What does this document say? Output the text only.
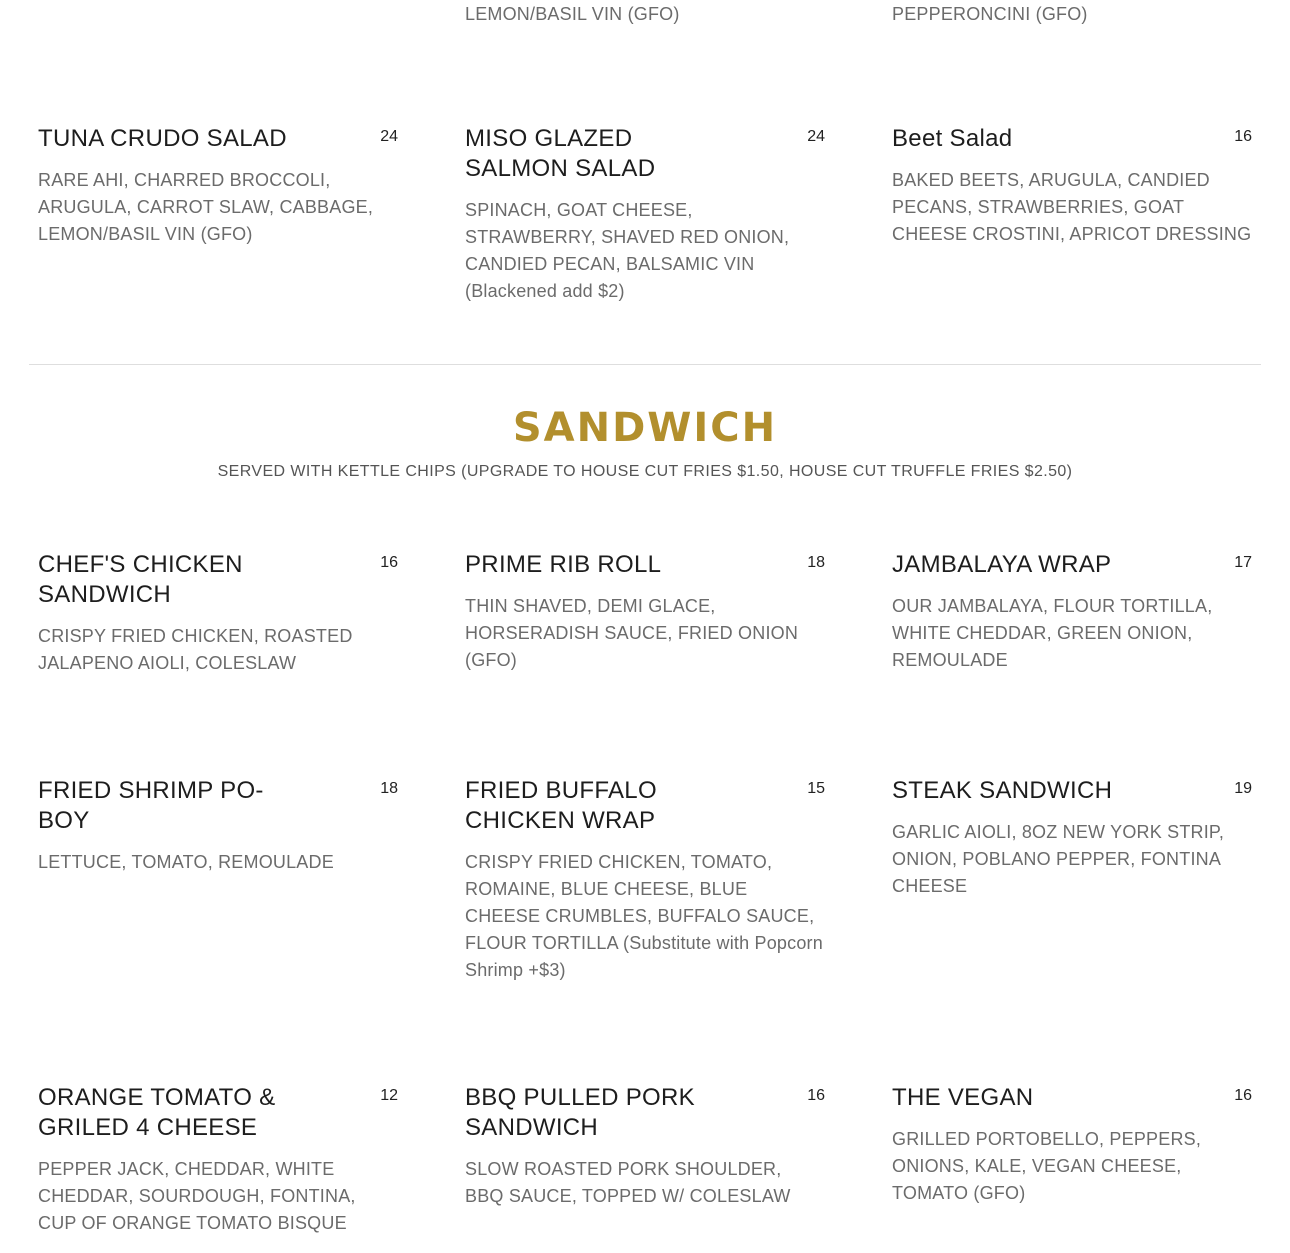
LEMON/BASIL VIN (GFO)	PEPPERONCINI (GFO)
TUNA CRUDO SALAD	24

RARE AHI, CHARRED BROCCOLI, ARUGULA, CARROT SLAW, CABBAGE, LEMON/BASIL VIN (GFO)

MISO GLAZED SALMON SALAD
24

SPINACH, GOAT CHEESE, STRAWBERRY, SHAVED RED ONION, CANDIED PECAN, BALSAMIC VIN (Blackened add $2)

Beet Salad	16

BAKED BEETS, ARUGULA, CANDIED PECANS, STRAWBERRIES, GOAT CHEESE CROSTINI, APRICOT DRESSING

SANDWICH

SERVED WITH KETTLE CHIPS (UPGRADE TO HOUSE CUT FRIES $1.50, HOUSE CUT TRUFFLE FRIES $2.50)

CHEF'S CHICKEN SANDWICH
16

CRISPY FRIED CHICKEN, ROASTED JALAPENO AIOLI, COLESLAW

PRIME RIB ROLL	18

THIN SHAVED, DEMI GLACE, HORSERADISH SAUCE, FRIED ONION (GFO)

JAMBALAYA WRAP	17

OUR JAMBALAYA, FLOUR TORTILLA, WHITE CHEDDAR, GREEN ONION, REMOULADE

FRIED SHRIMP PO-BOY
18

LETTUCE, TOMATO, REMOULADE

FRIED BUFFALO CHICKEN WRAP
15

CRISPY FRIED CHICKEN, TOMATO, ROMAINE, BLUE CHEESE, BLUE CHEESE CRUMBLES, BUFFALO SAUCE, FLOUR TORTILLA (Substitute with Popcorn Shrimp +$3)

STEAK SANDWICH	19

GARLIC AIOLI, 8OZ NEW YORK STRIP, ONION, POBLANO PEPPER, FONTINA CHEESE

ORANGE TOMATO & GRILED 4 CHEESE
12

PEPPER JACK, CHEDDAR, WHITE CHEDDAR, SOURDOUGH, FONTINA, CUP OF ORANGE TOMATO BISQUE

BBQ PULLED PORK SANDWICH
16

SLOW ROASTED PORK SHOULDER, BBQ SAUCE, TOPPED W/ COLESLAW

THE VEGAN	16

GRILLED PORTOBELLO, PEPPERS, ONIONS, KALE, VEGAN CHEESE, TOMATO (GFO)
